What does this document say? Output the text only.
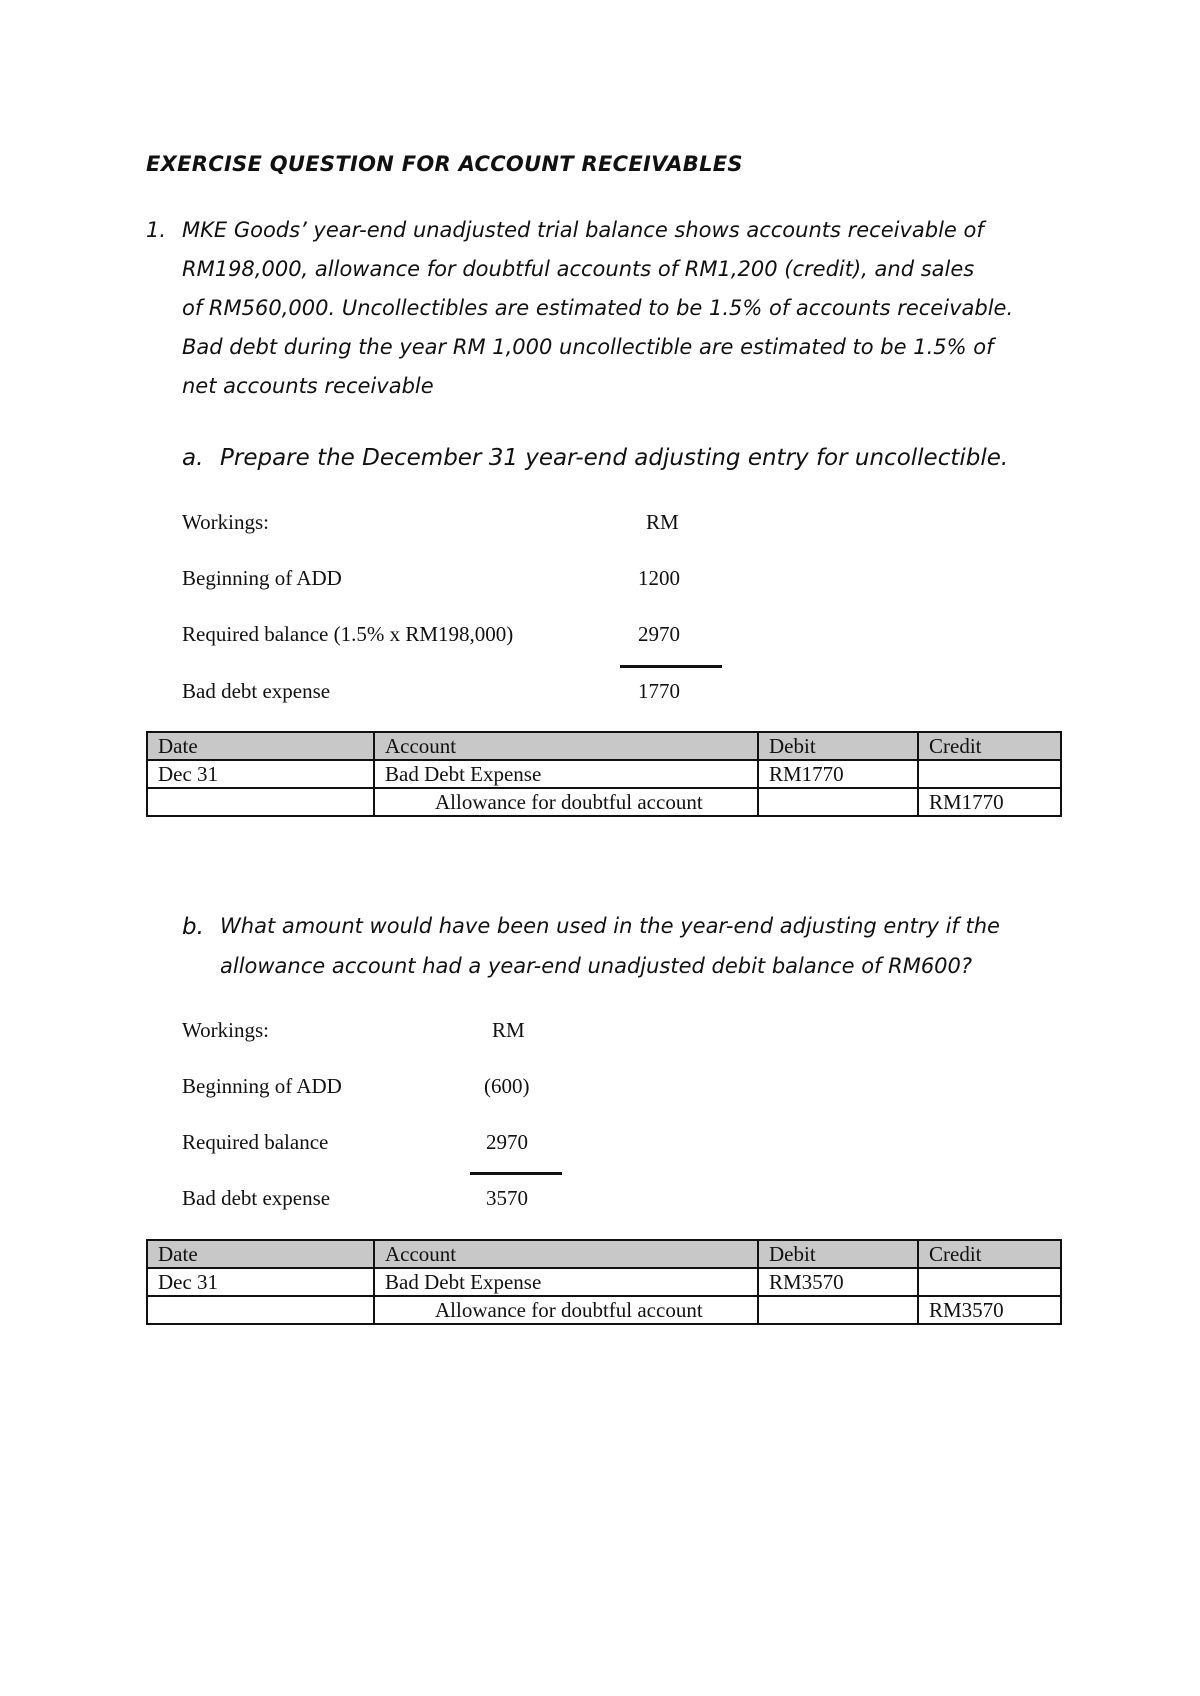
EXERCISE QUESTION FOR ACCOUNT RECEIVABLES
1. MKE Goods’ year-end unadjusted trial balance shows accounts receivable of
RM198,000, allowance for doubtful accounts of RM1,200 (credit), and sales
of RM560,000. Uncollectibles are estimated to be 1.5% of accounts receivable.
Bad debt during the year RM 1,000 uncollectible are estimated to be 1.5% of
net accounts receivable
a. Prepare the December 31 year-end adjusting entry for uncollectible.
Workings:	RM
Beginning of ADD	1200
Required balance (1.5% x RM198,000)	2970
Bad debt expense	1770
Date	Account	Debit	Credit
Dec 31	Bad Debt Expense	RM1770	
	Allowance for doubtful account		RM1770
b. What amount would have been used in the year-end adjusting entry if the
allowance account had a year-end unadjusted debit balance of RM600?
Workings:	RM
Beginning of ADD	(600)
Required balance	2970
Bad debt expense	3570
Date	Account	Debit	Credit
Dec 31	Bad Debt Expense	RM3570	
	Allowance for doubtful account		RM3570
